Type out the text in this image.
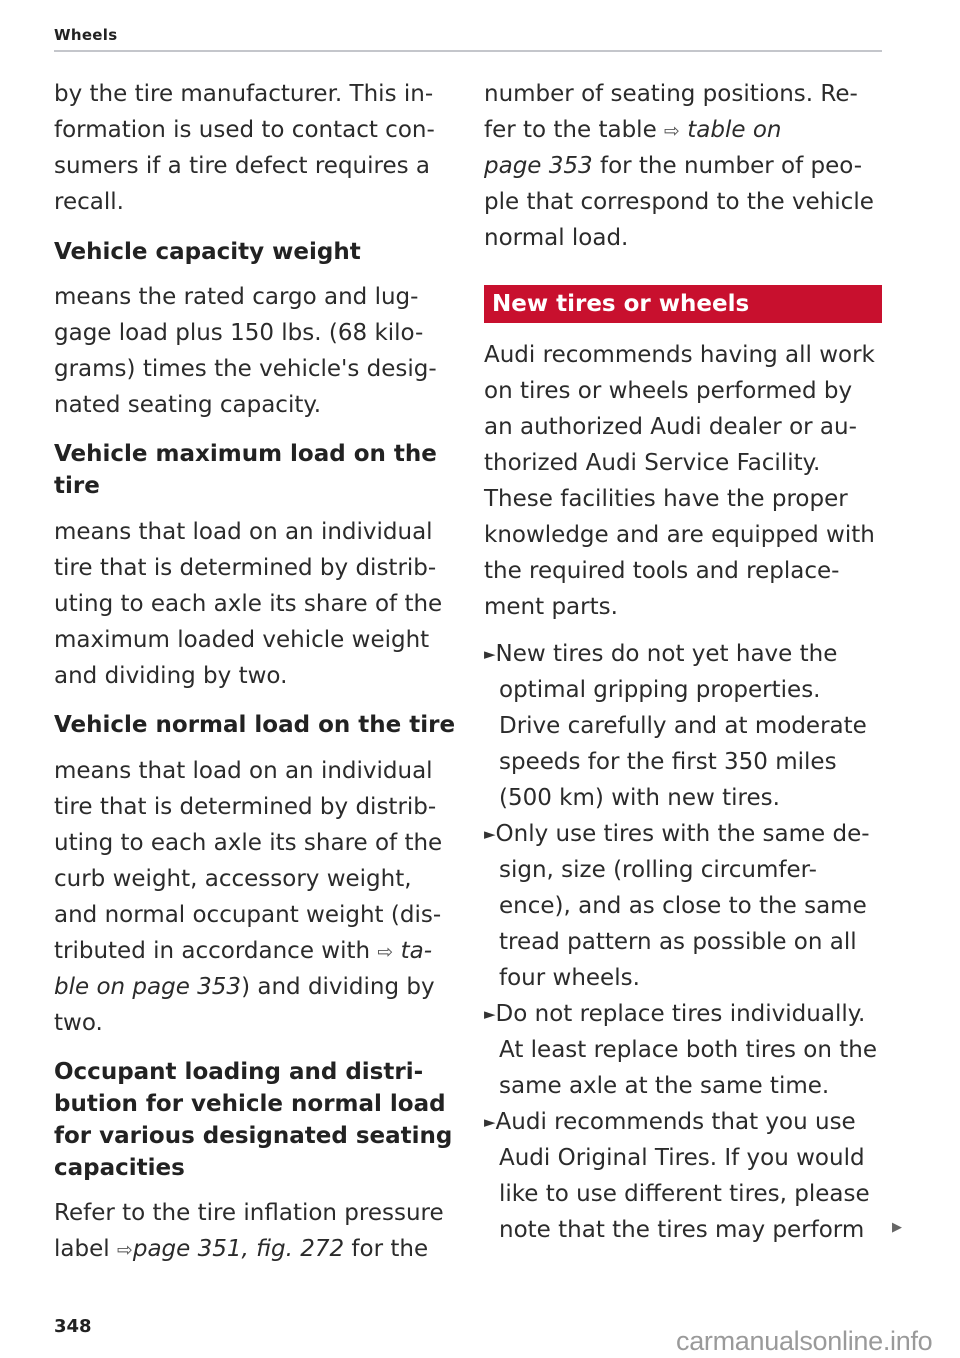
Wheels
by the tire manufacturer. This in-
formation is used to contact con-
sumers if a tire defect requires a
recall.
Vehicle capacity weight
means the rated cargo and lug-
gage load plus 150 lbs. (68 kilo-
grams) times the vehicle's desig-
nated seating capacity.
Vehicle maximum load on the
tire
means that load on an individual
tire that is determined by distrib-
uting to each axle its share of the
maximum loaded vehicle weight
and dividing by two.
Vehicle normal load on the tire
means that load on an individual
tire that is determined by distrib-
uting to each axle its share of the
curb weight, accessory weight,
and normal occupant weight (dis-
tributed in accordance with ⇨ ta-
ble on page 353) and dividing by
two.
Occupant loading and distri-
bution for vehicle normal load
for various designated seating
capacities
Refer to the tire inflation pressure
label ⇨page 351, fig. 272 for the
number of seating positions. Re-
fer to the table ⇨ table on
page 353 for the number of peo-
ple that correspond to the vehicle
normal load.
New tires or wheels
Audi recommends having all work
on tires or wheels performed by
an authorized Audi dealer or au-
thorized Audi Service Facility.
These facilities have the proper
knowledge and are equipped with
the required tools and replace-
ment parts.
►New tires do not yet have the
optimal gripping properties.
Drive carefully and at moderate
speeds for the first 350 miles
(500 km) with new tires.
►Only use tires with the same de-
sign, size (rolling circumfer-
ence), and as close to the same
tread pattern as possible on all
four wheels.
►Do not replace tires individually.
At least replace both tires on the
same axle at the same time.
►Audi recommends that you use
Audi Original Tires. If you would
like to use different tires, please
note that the tires may perform ▶
348	carmanualsonline.info
